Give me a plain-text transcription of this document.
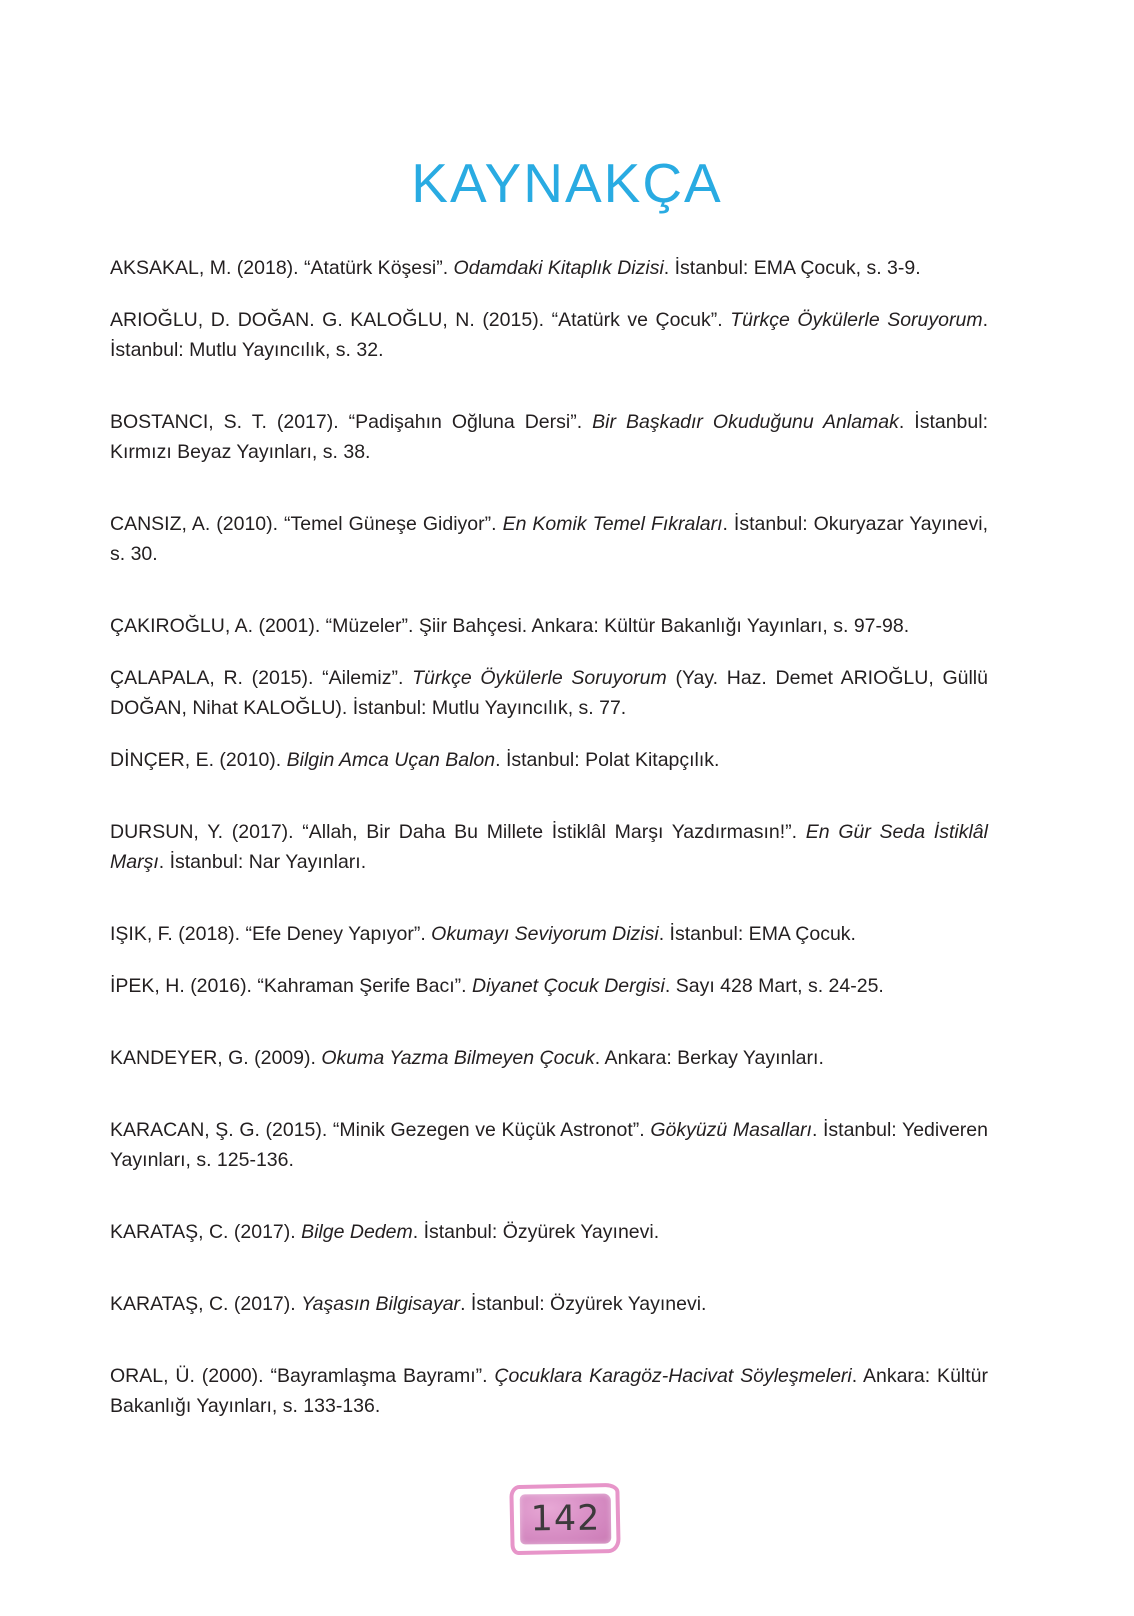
KAYNAKÇA

AKSAKAL, M. (2018). “Atatürk Köşesi”. Odamdaki Kitaplık Dizisi. İstanbul: EMA Çocuk, s. 3-9.

ARIOĞLU, D. DOĞAN. G. KALOĞLU, N. (2015). “Atatürk ve Çocuk”. Türkçe Öykülerle Soruyorum. İstanbul: Mutlu Yayıncılık, s. 32.

BOSTANCI, S. T. (2017). “Padişahın Oğluna Dersi”. Bir Başkadır Okuduğunu Anlamak. İstanbul: Kırmızı Beyaz Yayınları, s. 38.

CANSIZ, A. (2010). “Temel Güneşe Gidiyor”. En Komik Temel Fıkraları. İstanbul: Okuryazar Yayınevi, s. 30.

ÇAKIROĞLU, A. (2001). “Müzeler”. Şiir Bahçesi. Ankara: Kültür Bakanlığı Yayınları, s. 97-98.

ÇALAPALA, R. (2015). “Ailemiz”. Türkçe Öykülerle Soruyorum (Yay. Haz. Demet ARIOĞLU, Güllü DOĞAN, Nihat KALOĞLU). İstanbul: Mutlu Yayıncılık, s. 77.

DİNÇER, E. (2010). Bilgin Amca Uçan Balon. İstanbul: Polat Kitapçılık.

DURSUN, Y. (2017). “Allah, Bir Daha Bu Millete İstiklâl Marşı Yazdırmasın!”. En Gür Seda İstiklâl Marşı. İstanbul: Nar Yayınları.

IŞIK, F. (2018). “Efe Deney Yapıyor”. Okumayı Seviyorum Dizisi. İstanbul: EMA Çocuk.

İPEK, H. (2016). “Kahraman Şerife Bacı”. Diyanet Çocuk Dergisi. Sayı 428 Mart, s. 24-25.

KANDEYER, G. (2009). Okuma Yazma Bilmeyen Çocuk. Ankara: Berkay Yayınları.

KARACAN, Ş. G. (2015). “Minik Gezegen ve Küçük Astronot”. Gökyüzü Masalları. İstanbul: Yediveren Yayınları, s. 125-136.

KARATAŞ, C. (2017). Bilge Dedem. İstanbul: Özyürek Yayınevi.

KARATAŞ, C. (2017). Yaşasın Bilgisayar. İstanbul: Özyürek Yayınevi.

ORAL, Ü. (2000). “Bayramlaşma Bayramı”. Çocuklara Karagöz-Hacivat Söyleşmeleri. Ankara: Kültür Bakanlığı Yayınları, s. 133-136.

142
